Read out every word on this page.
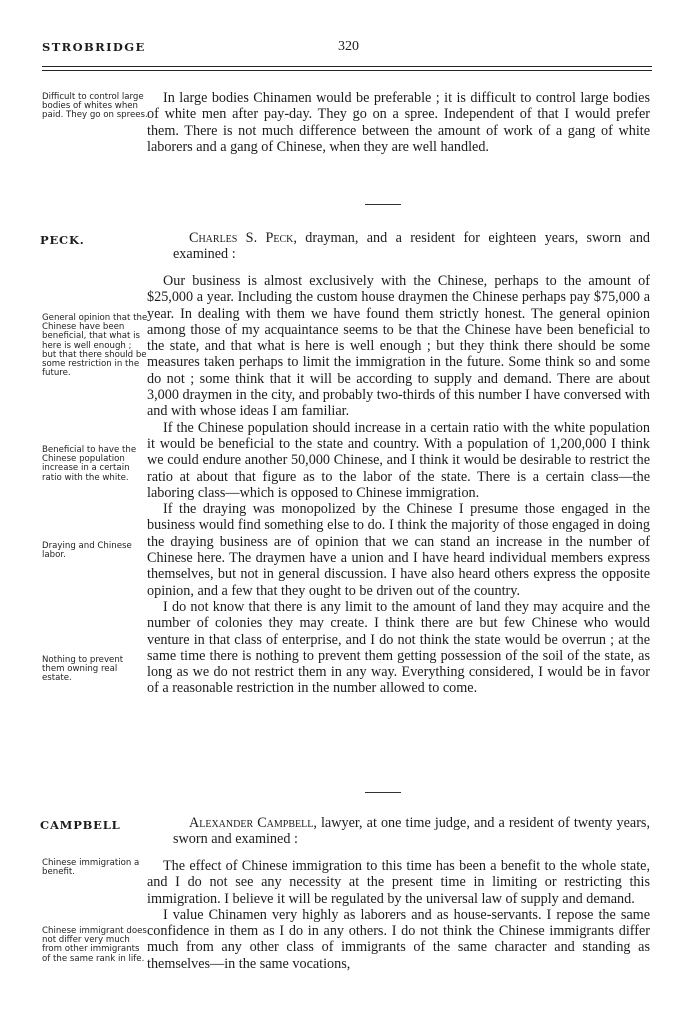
STROBRIDGE	320
Difficult to control large bodies of whites when paid. They go on sprees.

In large bodies Chinamen would be preferable ; it is difficult to control large bodies of white men after pay-day. They go on a spree. Independent of that I would prefer them. There is not much difference between the amount of work of a gang of white laborers and a gang of Chinese, when they are well handled.

PECK.	Charles S. Peck, drayman, and a resident for eighteen years, sworn and examined :

Our business is almost exclusively with the Chinese, perhaps to the amount of $25,000 a year. Including the custom house draymen the Chinese perhaps pay $75,000 a year. In dealing with them we have found them strictly honest. The general opinion among those of my acquaintance seems to be that the Chinese have been beneficial to the state, and that what is here is well enough ; but they think there should be some measures taken perhaps to limit the immigration in the future. Some think so and some do not ; some think that it will be according to supply and demand. There are about 3,000 draymen in the city, and probably two-thirds of this number I have conversed with and with whose ideas I am familiar.

If the Chinese population should increase in a certain ratio with the white population it would be beneficial to the state and country. With a population of 1,200,000 I think we could endure another 50,000 Chinese, and I think it would be desirable to restrict the ratio at about that figure as to the labor of the state. There is a certain class—the laboring class—which is opposed to Chinese immigration.

If the draying was monopolized by the Chinese I presume those engaged in the business would find something else to do. I think the majority of those engaged in doing the draying business are of opinion that we can stand an increase in the number of Chinese here. The draymen have a union and I have heard individual members express themselves, but not in general discussion. I have also heard others express the opposite opinion, and a few that they ought to be driven out of the country.

I do not know that there is any limit to the amount of land they may acquire and the number of colonies they may create. I think there are but few Chinese who would venture in that class of enterprise, and I do not think the state would be overrun ; at the same time there is nothing to prevent them getting possession of the soil of the state, as long as we do not restrict them in any way. Everything considered, I would be in favor of a reasonable restriction in the number allowed to come.

General opinion that the Chinese have been beneficial, that what is here is well enough ; but that there should be some restriction in the future.
Beneficial to have the Chinese population increase in a certain ratio with the white.
Draying and Chinese labor.
Nothing to prevent them owning real estate.
CAMPBELL	Alexander Campbell, lawyer, at one time judge, and a resident of twenty years, sworn and examined :

The effect of Chinese immigration to this time has been a benefit to the whole state, and I do not see any necessity at the present time in limiting or restricting this immigration. I believe it will be regulated by the universal law of supply and demand.

I value Chinamen very highly as laborers and as house-servants. I repose the same confidence in them as I do in any others. I do not think the Chinese immigrants differ much from any other class of immigrants of the same character and standing as themselves—in the same vocations,

Chinese immigration a benefit.
Chinese immigrant does not differ very much from other immigrants of the same rank in life.
